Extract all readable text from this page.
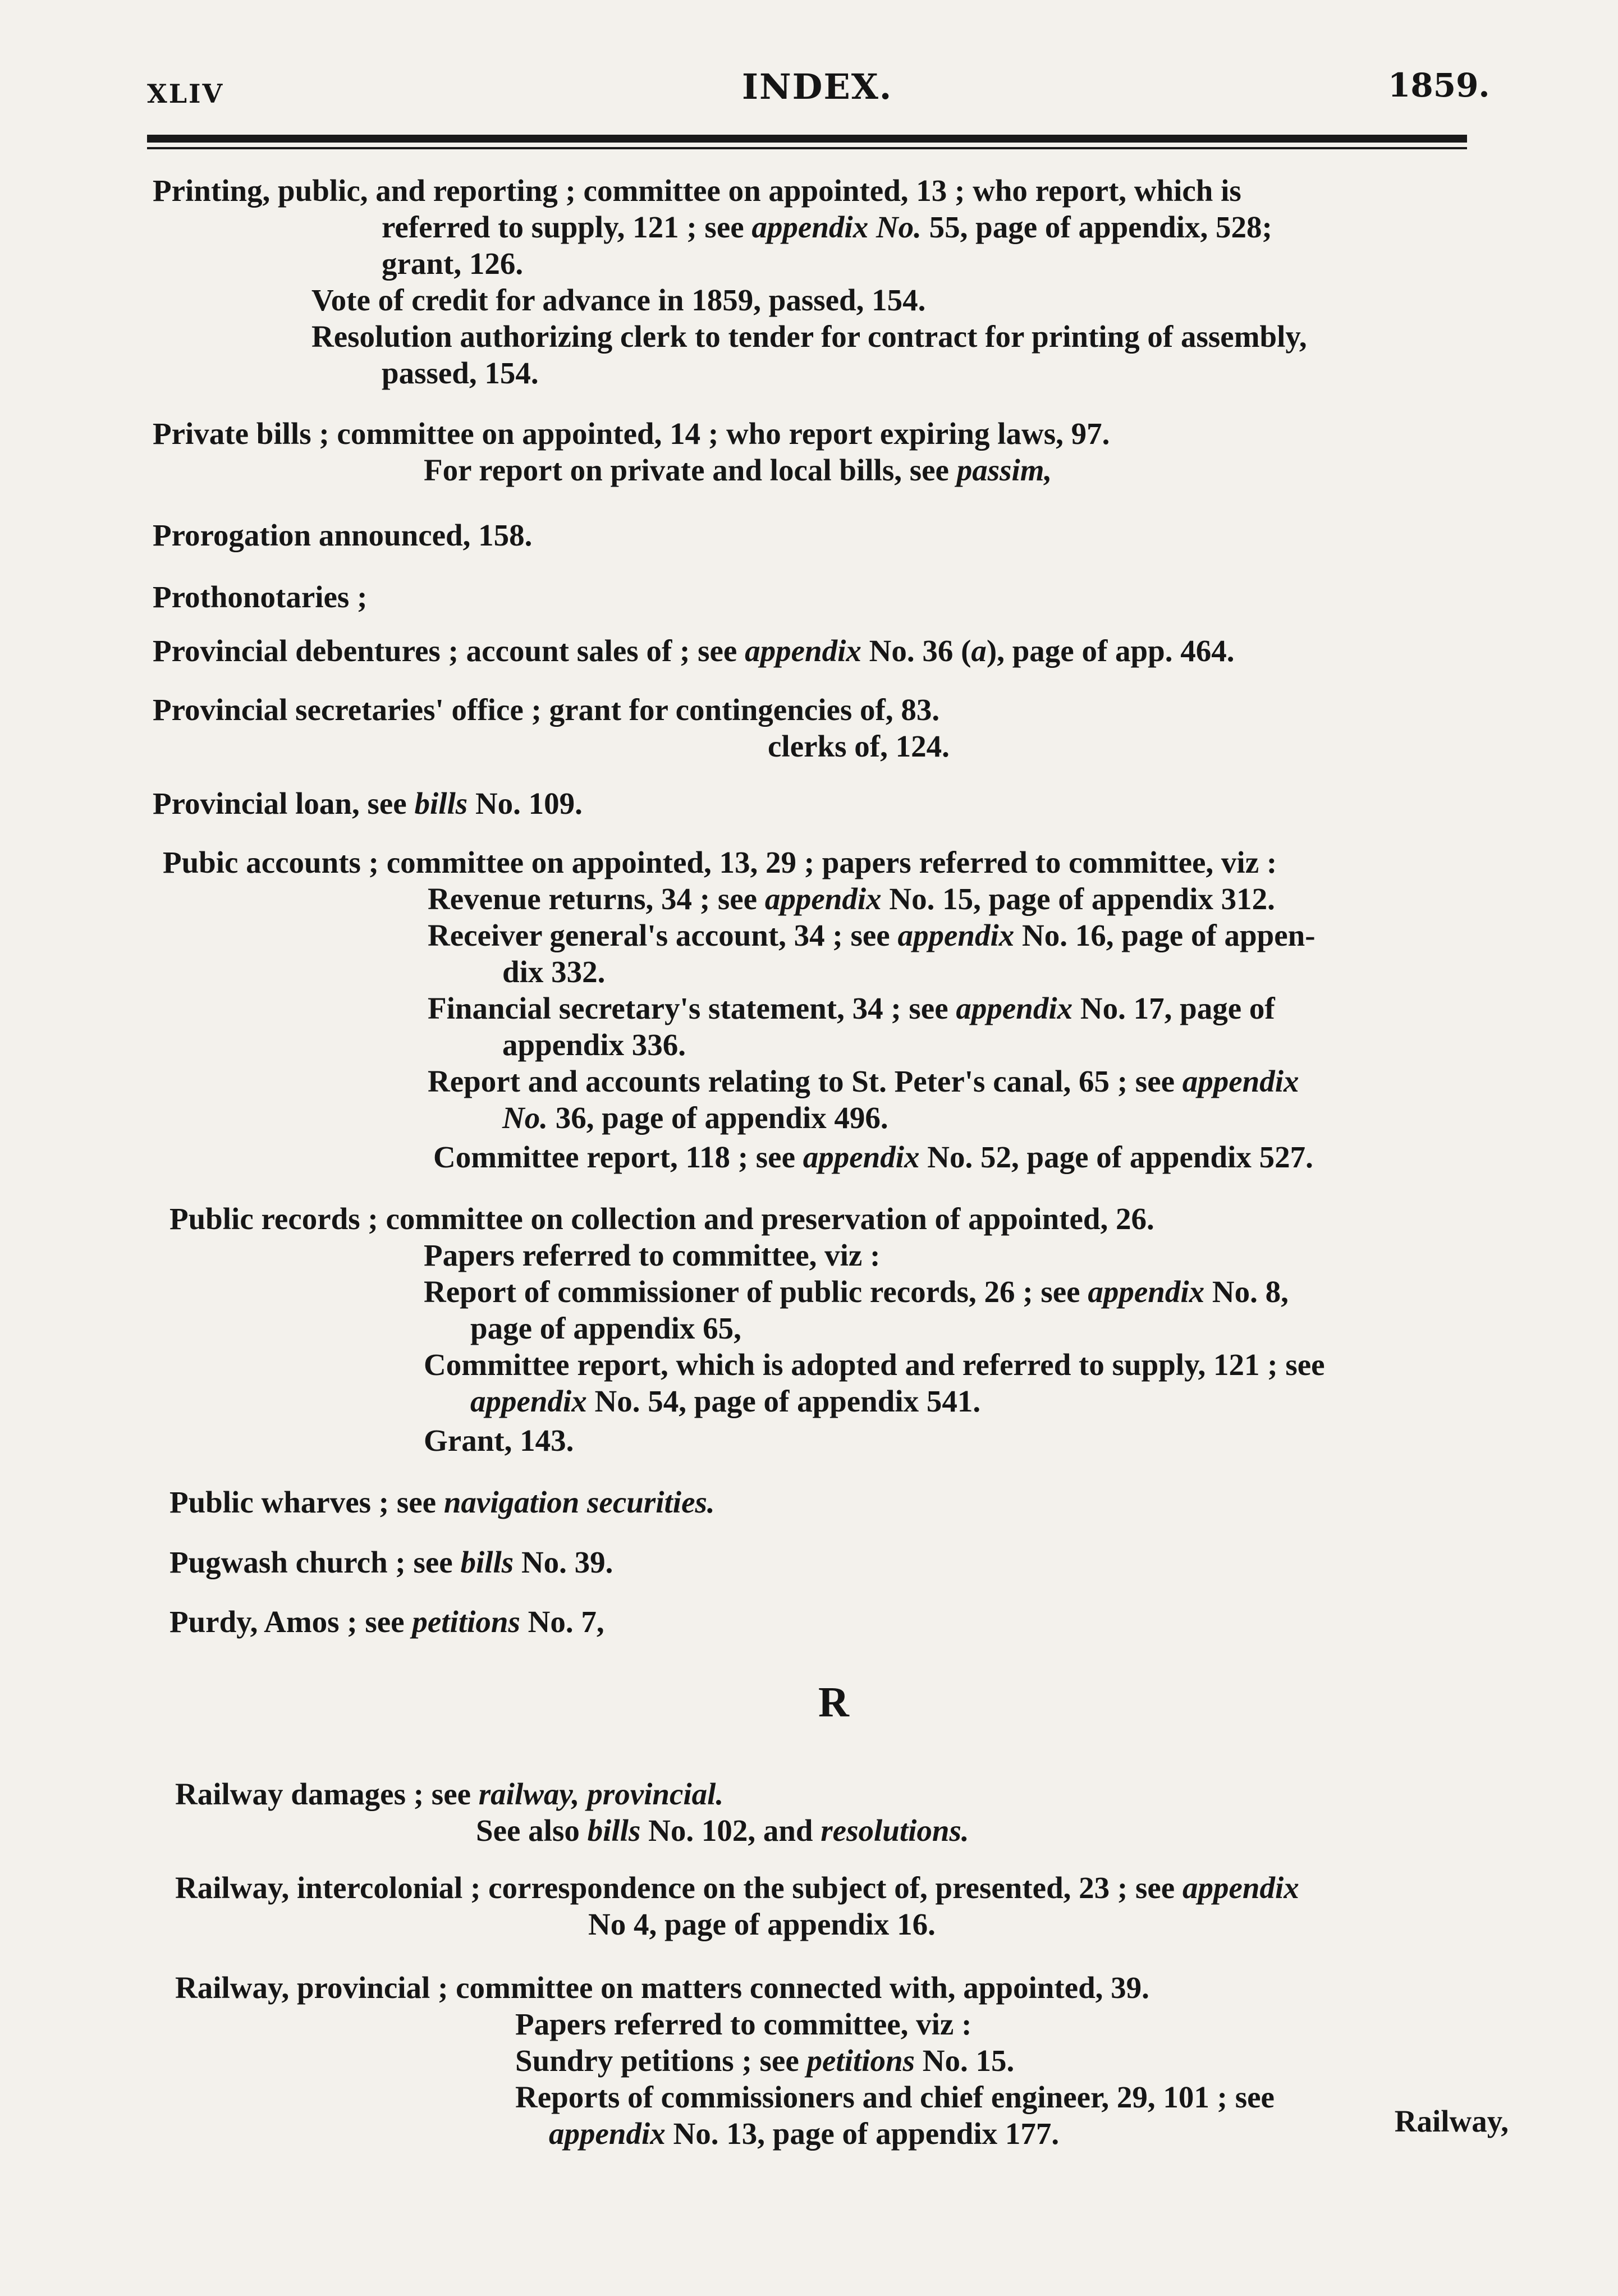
XLIV	INDEX.	1859.
Printing, public, and reporting ; committee on appointed, 13 ; who report, which is
referred to supply, 121 ; see appendix No. 55, page of appendix, 528;
grant, 126.
Vote of credit for advance in 1859, passed, 154.
Resolution authorizing clerk to tender for contract for printing of assembly,
passed, 154.
Private bills ; committee on appointed, 14 ; who report expiring laws, 97.
For report on private and local bills, see passim,
Prorogation announced, 158.
Prothonotaries ;
Provincial debentures ; account sales of ; see appendix No. 36 (a), page of app. 464.
Provincial secretaries' office ; grant for contingencies of, 83.
clerks of, 124.
Provincial loan, see bills No. 109.
Pubic accounts ; committee on appointed, 13, 29 ; papers referred to committee, viz :
Revenue returns, 34 ; see appendix No. 15, page of appendix 312.
Receiver general's account, 34 ; see appendix No. 16, page of appen-
dix 332.
Financial secretary's statement, 34 ; see appendix No. 17, page of
appendix 336.
Report and accounts relating to St. Peter's canal, 65 ; see appendix
No. 36, page of appendix 496.
Committee report, 118 ; see appendix No. 52, page of appendix 527.
Public records ; committee on collection and preservation of appointed, 26.
Papers referred to committee, viz :
Report of commissioner of public records, 26 ; see appendix No. 8,
page of appendix 65,
Committee report, which is adopted and referred to supply, 121 ; see
appendix No. 54, page of appendix 541.
Grant, 143.
Public wharves ; see navigation securities.
Pugwash church ; see bills No. 39.
Purdy, Amos ; see petitions No. 7,
Railway damages ; see railway, provincial.
See also bills No. 102, and resolutions.
Railway, intercolonial ; correspondence on the subject of, presented, 23 ; see appendix
No 4, page of appendix 16.
Railway, provincial ; committee on matters connected with, appointed, 39.
Papers referred to committee, viz :
Sundry petitions ; see petitions No. 15.
Reports of commissioners and chief engineer, 29, 101 ; see
appendix No. 13, page of appendix 177.
R
Railway,
